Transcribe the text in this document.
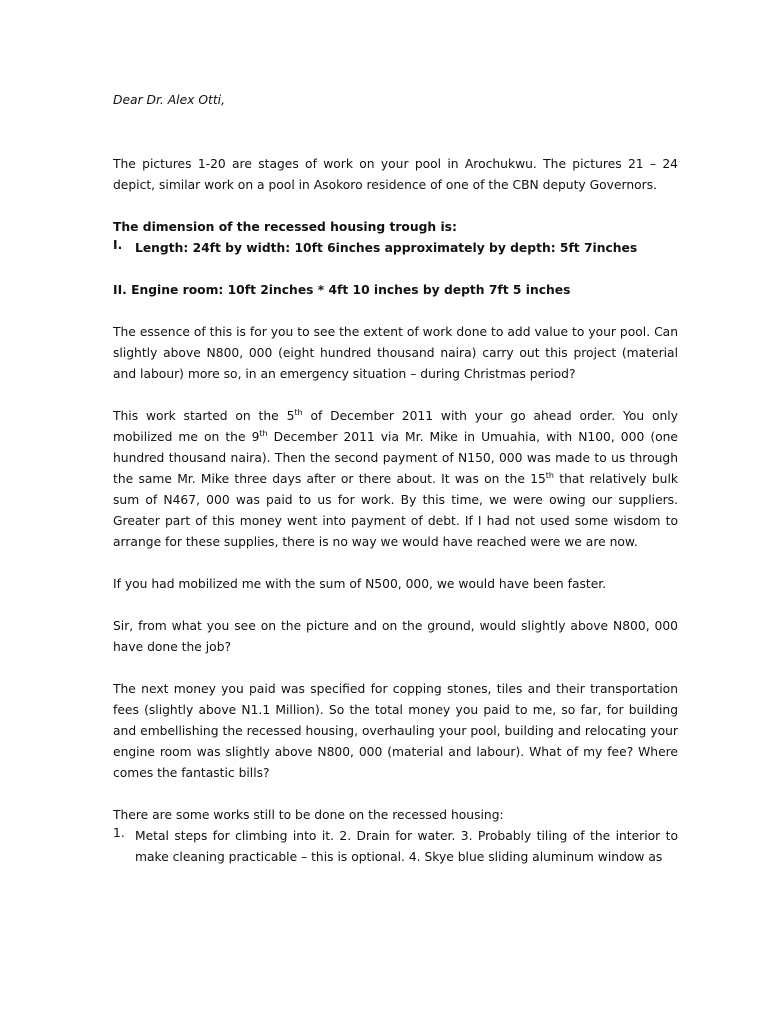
Dear Dr. Alex Otti,

The pictures 1-20 are stages of work on your pool in Arochukwu. The pictures 21 – 24 depict, similar work on a pool in Asokoro residence of one of the CBN deputy Governors.

The dimension of the recessed housing trough is:

I.	Length: 24ft by width: 10ft 6inches approximately by depth: 5ft 7inches

II. Engine room: 10ft 2inches * 4ft 10 inches by depth 7ft 5 inches

The essence of this is for you to see the extent of work done to add value to your pool. Can slightly above N800, 000 (eight hundred thousand naira) carry out this project (material and labour) more so, in an emergency situation – during Christmas period?

This work started on the 5th of December 2011 with your go ahead order. You only mobilized me on the 9th December 2011 via Mr. Mike in Umuahia, with N100, 000 (one hundred thousand naira). Then the second payment of N150, 000 was made to us through the same Mr. Mike three days after or there about. It was on the 15th that relatively bulk sum of N467, 000 was paid to us for work. By this time, we were owing our suppliers. Greater part of this money went into payment of debt. If I had not used some wisdom to arrange for these supplies, there is no way we would have reached were we are now.

If you had mobilized me with the sum of N500, 000, we would have been faster.

Sir, from what you see on the picture and on the ground, would slightly above N800, 000 have done the job?

The next money you paid was specified for copping stones, tiles and their transportation fees (slightly above N1.1 Million). So the total money you paid to me, so far, for building and embellishing the recessed housing, overhauling your pool, building and relocating your engine room was slightly above N800, 000 (material and labour). What of my fee? Where comes the fantastic bills?

There are some works still to be done on the recessed housing:

1. Metal steps for climbing into it. 2. Drain for water. 3. Probably tiling of the interior to make cleaning practicable – this is optional. 4. Skye blue sliding aluminum window as
